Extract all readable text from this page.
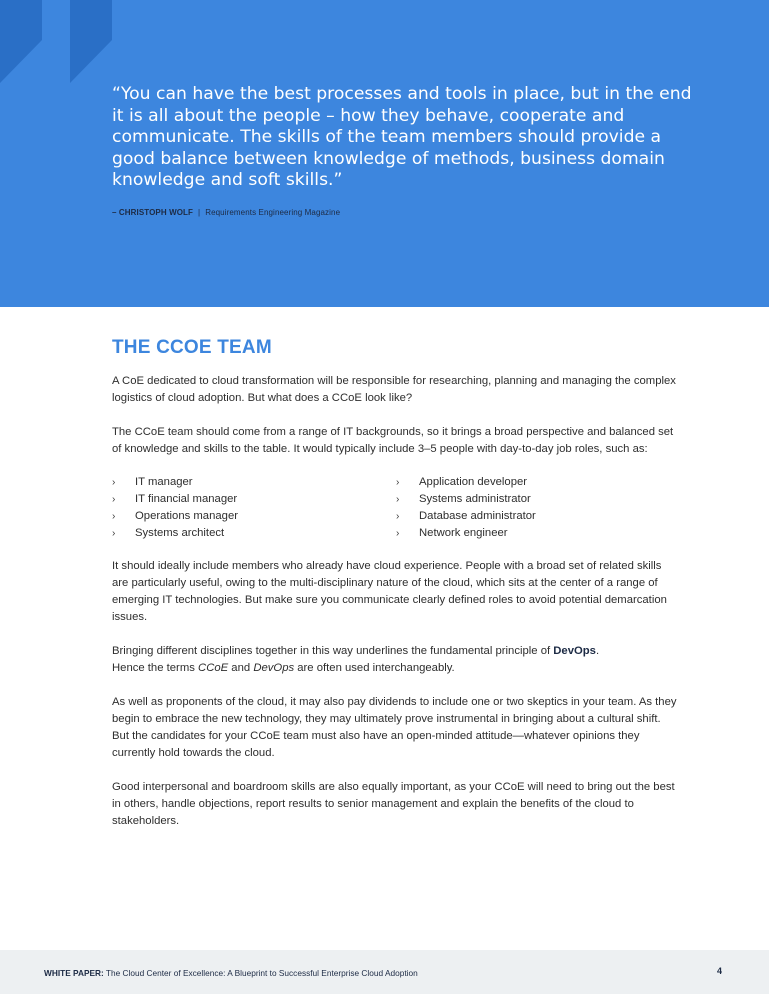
“You can have the best processes and tools in place, but in the end it is all about the people – how they behave, cooperate and communicate. The skills of the team members should provide a good balance between knowledge of methods, business domain knowledge and soft skills.”

– CHRISTOPH WOLF | Requirements Engineering Magazine
THE CCOE TEAM

A CoE dedicated to cloud transformation will be responsible for researching, planning and managing the complex logistics of cloud adoption. But what does a CCoE look like?

The CCoE team should come from a range of IT backgrounds, so it brings a broad perspective and balanced set of knowledge and skills to the table. It would typically include 3–5 people with day-to-day job roles, such as:

›	IT manager
›	IT financial manager
›	Operations manager
›	Systems architect
›	Application developer
›	Systems administrator
›	Database administrator
›	Network engineer

It should ideally include members who already have cloud experience. People with a broad set of related skills are particularly useful, owing to the multi-disciplinary nature of the cloud, which sits at the center of a range of emerging IT technologies. But make sure you communicate clearly defined roles to avoid potential demarcation issues.

Bringing different disciplines together in this way underlines the fundamental principle of DevOps.
Hence the terms CCoE and DevOps are often used interchangeably.

As well as proponents of the cloud, it may also pay dividends to include one or two skeptics in your team. As they begin to embrace the new technology, they may ultimately prove instrumental in bringing about a cultural shift. But the candidates for your CCoE team must also have an open-minded attitude—whatever opinions they currently hold towards the cloud.

Good interpersonal and boardroom skills are also equally important, as your CCoE will need to bring out the best in others, handle objections, report results to senior management and explain the benefits of the cloud to stakeholders.

WHITE PAPER: The Cloud Center of Excellence: A Blueprint to Successful Enterprise Cloud Adoption	4
